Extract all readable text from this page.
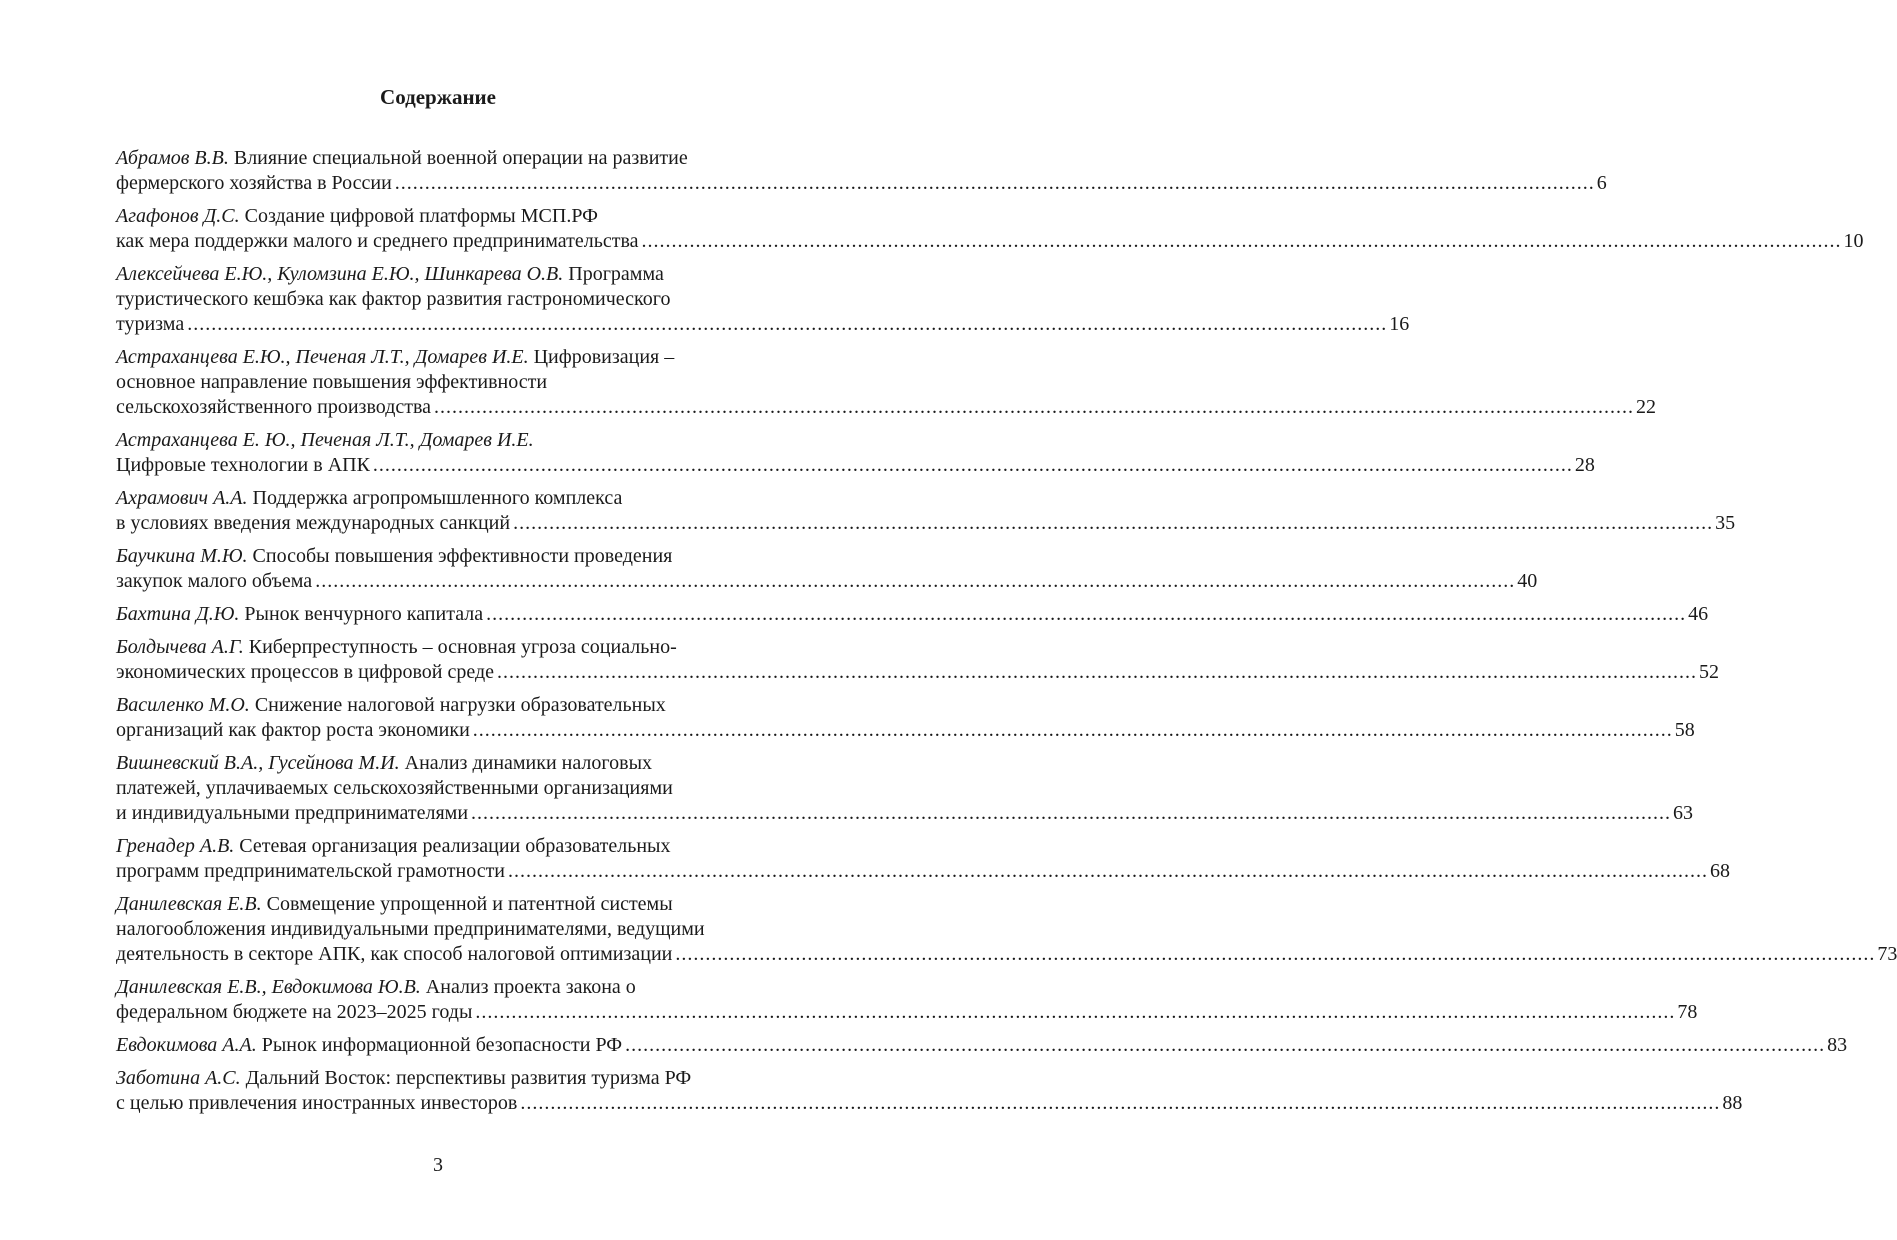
Содержание
Абрамов В.В. Влияние специальной военной операции на развитие
фермерского хозяйства в России ........................................................................................................................................................................................................ 6
Агафонов Д.С. Создание цифровой платформы МСП.РФ
как мера поддержки малого и среднего предпринимательства ........................................................................................................................................................................................................ 10
Алексейчева Е.Ю., Куломзина Е.Ю., Шинкарева О.В. Программа
туристического кешбэка как фактор развития гастрономического
туризма ........................................................................................................................................................................................................ 16
Астраханцева Е.Ю., Печеная Л.Т., Домарев И.Е. Цифровизация –
основное направление повышения эффективности
сельскохозяйственного производства ........................................................................................................................................................................................................ 22
Астраханцева Е. Ю., Печеная Л.Т., Домарев И.Е.
Цифровые технологии в АПК ........................................................................................................................................................................................................ 28
Ахрамович А.А. Поддержка агропромышленного комплекса
в условиях введения международных санкций ........................................................................................................................................................................................................ 35
Баучкина М.Ю. Способы повышения эффективности проведения
закупок малого объема ........................................................................................................................................................................................................ 40
Бахтина Д.Ю. Рынок венчурного капитала ........................................................................................................................................................................................................ 46
Болдычева А.Г. Киберпреступность – основная угроза социально-
экономических процессов в цифровой среде ........................................................................................................................................................................................................ 52
Василенко М.О. Снижение налоговой нагрузки образовательных
организаций как фактор роста экономики ........................................................................................................................................................................................................ 58
Вишневский В.А., Гусейнова М.И. Анализ динамики налоговых
платежей, уплачиваемых сельскохозяйственными организациями
и индивидуальными предпринимателями ........................................................................................................................................................................................................ 63
Гренадер А.В. Сетевая организация реализации образовательных
программ предпринимательской грамотности ........................................................................................................................................................................................................ 68
Данилевская Е.В. Совмещение упрощенной и патентной системы
налогообложения индивидуальными предпринимателями, ведущими
деятельность в секторе АПК, как способ налоговой оптимизации ........................................................................................................................................................................................................ 73
Данилевская Е.В., Евдокимова Ю.В. Анализ проекта закона о
федеральном бюджете на 2023–2025 годы ........................................................................................................................................................................................................ 78
Евдокимова А.А. Рынок информационной безопасности РФ ........................................................................................................................................................................................................ 83
Заботина А.С. Дальний Восток: перспективы развития туризма РФ
с целью привлечения иностранных инвесторов ........................................................................................................................................................................................................ 88
3
